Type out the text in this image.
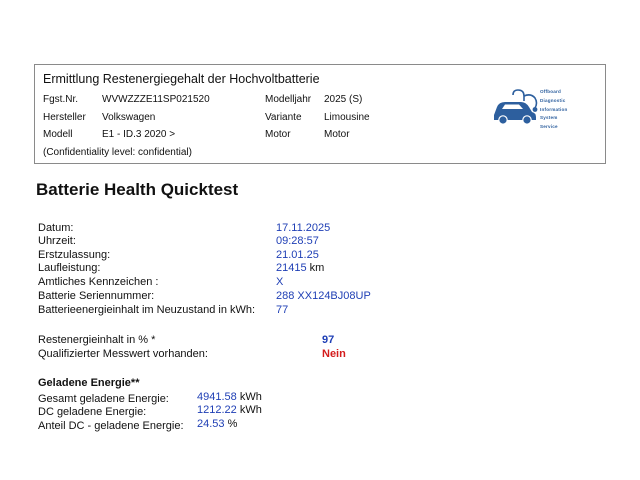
Ermittlung Restenergiegehalt der Hochvoltbatterie
Fgst.Nr. WVWZZZE11SP021520	Modelljahr 2025 (S)
Hersteller Volkswagen	Variante Limousine
Modell	E1 - ID.3 2020 >	Motor	Motor
(Confidentiality level: confidential)
Offboard
Diagnostic
Information
System
Service
Batterie Health Quicktest
Datum:	17.11.2025
Uhrzeit:	09:28:57
Erstzulassung:	21.01.25
Laufleistung:	21415 km
Amtliches Kennzeichen :	X
Batterie Seriennummer:	288 XX124BJ08UP
Batterieenergieinhalt im Neuzustand in kWh: 77
Restenergieinhalt in % *	97
Qualifizierter Messwert vorhanden:	Nein
Geladene Energie**
Gesamt geladene Energie:	4941.58 kWh
DC geladene Energie:	1212.22 kWh
Anteil DC - geladene Energie: 24.53 %
